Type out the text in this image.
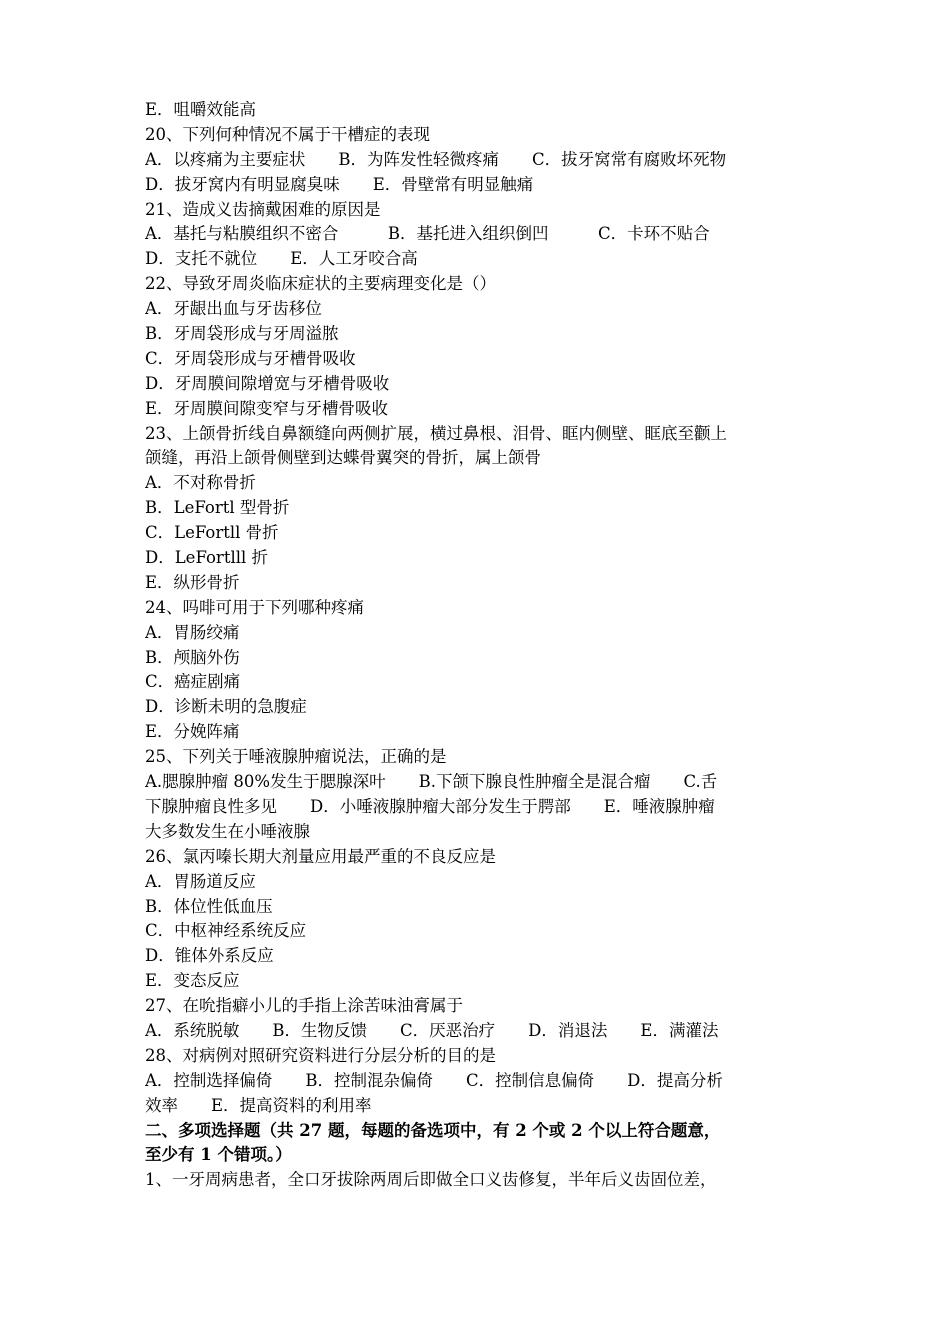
E．咀嚼效能高
20、下列何种情况不属于干槽症的表现
A．以疼痛为主要症状　　B．为阵发性轻微疼痛　　C．拔牙窝常有腐败坏死物
D．拔牙窝内有明显腐臭味　　E．骨壁常有明显触痛
21、造成义齿摘戴困难的原因是
A．基托与粘膜组织不密合　　　B．基托进入组织倒凹　　　C．卡环不贴合
D．支托不就位　　E．人工牙咬合高
22、导致牙周炎临床症状的主要病理变化是（）
A．牙龈出血与牙齿移位
B．牙周袋形成与牙周溢脓
C．牙周袋形成与牙槽骨吸收
D．牙周膜间隙增宽与牙槽骨吸收
E．牙周膜间隙变窄与牙槽骨吸收
23、上颌骨折线自鼻额缝向两侧扩展，横过鼻根、泪骨、眶内侧壁、眶底至颧上
颌缝，再沿上颌骨侧壁到达蝶骨翼突的骨折，属上颌骨
A．不对称骨折
B．LeFortl 型骨折
C．LeFortll 骨折
D．LeFortlll 折
E．纵形骨折
24、吗啡可用于下列哪种疼痛
A．胃肠绞痛
B．颅脑外伤
C．癌症剧痛
D．诊断未明的急腹症
E．分娩阵痛
25、下列关于唾液腺肿瘤说法，正确的是
A.腮腺肿瘤 80%发生于腮腺深叶　　B.下颌下腺良性肿瘤全是混合瘤　　C.舌
下腺肿瘤良性多见　　D．小唾液腺肿瘤大部分发生于腭部　　E．唾液腺肿瘤
大多数发生在小唾液腺
26、氯丙嗪长期大剂量应用最严重的不良反应是
A．胃肠道反应
B．体位性低血压
C．中枢神经系统反应
D．锥体外系反应
E．变态反应
27、在吮指癖小儿的手指上涂苦味油膏属于
A．系统脱敏　　B．生物反馈　　C．厌恶治疗　　D．消退法　　E．满灌法
28、对病例对照研究资料进行分层分析的目的是
A．控制选择偏倚　　B．控制混杂偏倚　　C．控制信息偏倚　　D．提高分析
效率　　E．提高资料的利用率
二、多项选择题（共 27 题，每题的备选项中，有 2 个或 2 个以上符合题意，
至少有 1 个错项。）
1、一牙周病患者，全口牙拔除两周后即做全口义齿修复，半年后义齿固位差，
